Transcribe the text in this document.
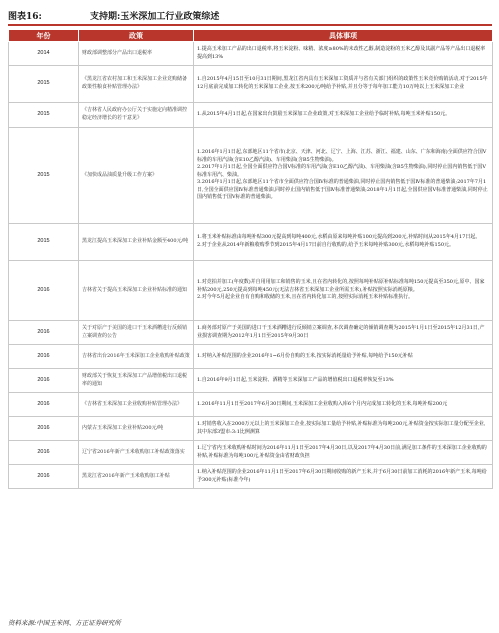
图表16:	支持期:玉米深加工行业政策综述
年份	政策	具体事项
2014	财政部调整部分产品出口退税率	1.提高玉米加工产品的出口退税率,将玉米淀粉、味精、浓度≥80%的未改性乙醇,制造淀粉的玉米乙醇及其副产品等产品出口退税率提高到13%

2015	《黑龙江省农村加工和玉米深加工企业竞购储备政策性粮食补贴管理办法》	1.自2015年4月15日至10月31日期间,黑龙江省内具有玉米深加工资质并与省有关部门组织的政策性玉米竞价购销活动,对于2015年12月底前完成加工转化的玉米深加工企业,按玉米200元/吨给予补贴,并且分等于每年加工能力10万吨以上玉米深加工企业

2015	《吉林省人民政府办公厅关于实施定向精准调控稳定经济增长的若干意见》	1.从2015年4月1日起,在国家出台鼓励玉米深加工企业政策,对玉米深加工企业给予临时补贴,每吨玉米补贴150元。

2015	《加快成品油质量升级工作方案》	1.2016年1月1日起,东部地区11个省市(北京、天津、河北、辽宁、上海、江苏、浙江、福建、山东、广东和海南)全面供应符合国Ⅴ标准的车用汽油(含E10乙醇汽油)、车用柴油(含B5生物柴油)。

2.2017年1月1日起,全国全面供应符合国Ⅴ标准的车用汽油(含E10乙醇汽油)、车用柴油(含B5生物柴油),同时停止国内销售低于国Ⅴ标准车用汽、柴油。

3.2016年1月1日起,东部地区11个省市全面供应符合国Ⅳ标准的普通柴油,同时停止国内销售低于国Ⅳ标准的普通柴油;2017年7月1日,全国全面供应国Ⅳ标准普通柴油,同时停止国内销售低于国Ⅳ标准普通柴油;2018年1月1日起,全国供应国Ⅴ标准普通柴油,同时停止国内销售低于国Ⅴ标准的普通柴油。

2015	黑龙江提高玉米深加工企业补贴金额至400元/吨	1.将玉米补贴标准由每吨补贴300元提高到每吨400元,水稻由原来每吨补贴100元提高到200元,补贴时间从2015年4月17日起。

2.对于企业从2014年新粮收购季节到2015年4月17日前自行收购的,给予玉米每吨补贴300元,水稻每吨补贴150元。

2016	吉林省关于提高玉米深加工企业补贴标准的通知	1.对竞拍并加工(年度数)并自用用加工和销售的玉米,且在省内转化的,按照每吨补贴原补贴标准每吨150元提高至350元,原中、国家补贴200元,250元提高到每吨450元(无法吉林省玉米深加工企业所需玉米),补贴按照实际消耗原粮。

2.对今年5月起企业自有自购和收储的玉米,且在省内转化加工的,按照实际消耗玉米补贴标准执行。

2016	关于对原产于美国的进口干玉米酒糟进行反倾销立案调查的公告	1.商务部对原产于美国的进口干玉米酒糟进行反倾销立案调查,本次调查确定的倾销调查期为2015年1月1日至2015年12月31日,产业损害调查期为2012年1月1日至2015年9月30日

2016	吉林省出台2016年玉米深加工企业收购补贴政策	1.对纳入补贴范围的企业2016年1~6月份自购的玉米,按实际消耗量给予补贴,每吨给予150元补贴

2016	财政部关于恢复玉米深加工产品增值税出口退税率的通知	1.自2016年9月1日起,玉米淀粉、酒精等玉米深加工产品的增值税出口退税率恢复至13%

2016	《吉林省玉米深加工企业收购补贴管理办法》	1.2016年11月1日至2017年6月30日期间,玉米深加工企业收购入库6个月内完成加工转化的玉米,每吨补贴200元

2016	内蒙古玉米深加工企业补贴200元/吨	1.对销售收入在2000万元以上的玉米深加工企业,按实际加工量给予补贴,补贴标准为每吨200元,补贴资金按实际加工量分配至企业,其中东部3盟市:3:1比例测算

2016	辽宁省2016年新产玉米收购加工补贴政策落实	1.辽宁省内玉米收购补贴时间为2016年11月1日至2017年4月30日,以及2017年4月30日前,满足加工条件的玉米深加工企业收购的补贴,补贴标准为每吨100元,补贴资金由省财政负担

2016	黑龙江省2016年新产玉米收购加工补贴	1.纳入补贴范围的企业2016年11月1日至2017年6月30日期间收购的新产玉米,并于6月30日前加工消耗的2016年新产玉米,每吨给予300元补贴(标准今年)

资料来源:中国玉米网、方正证券研究所
